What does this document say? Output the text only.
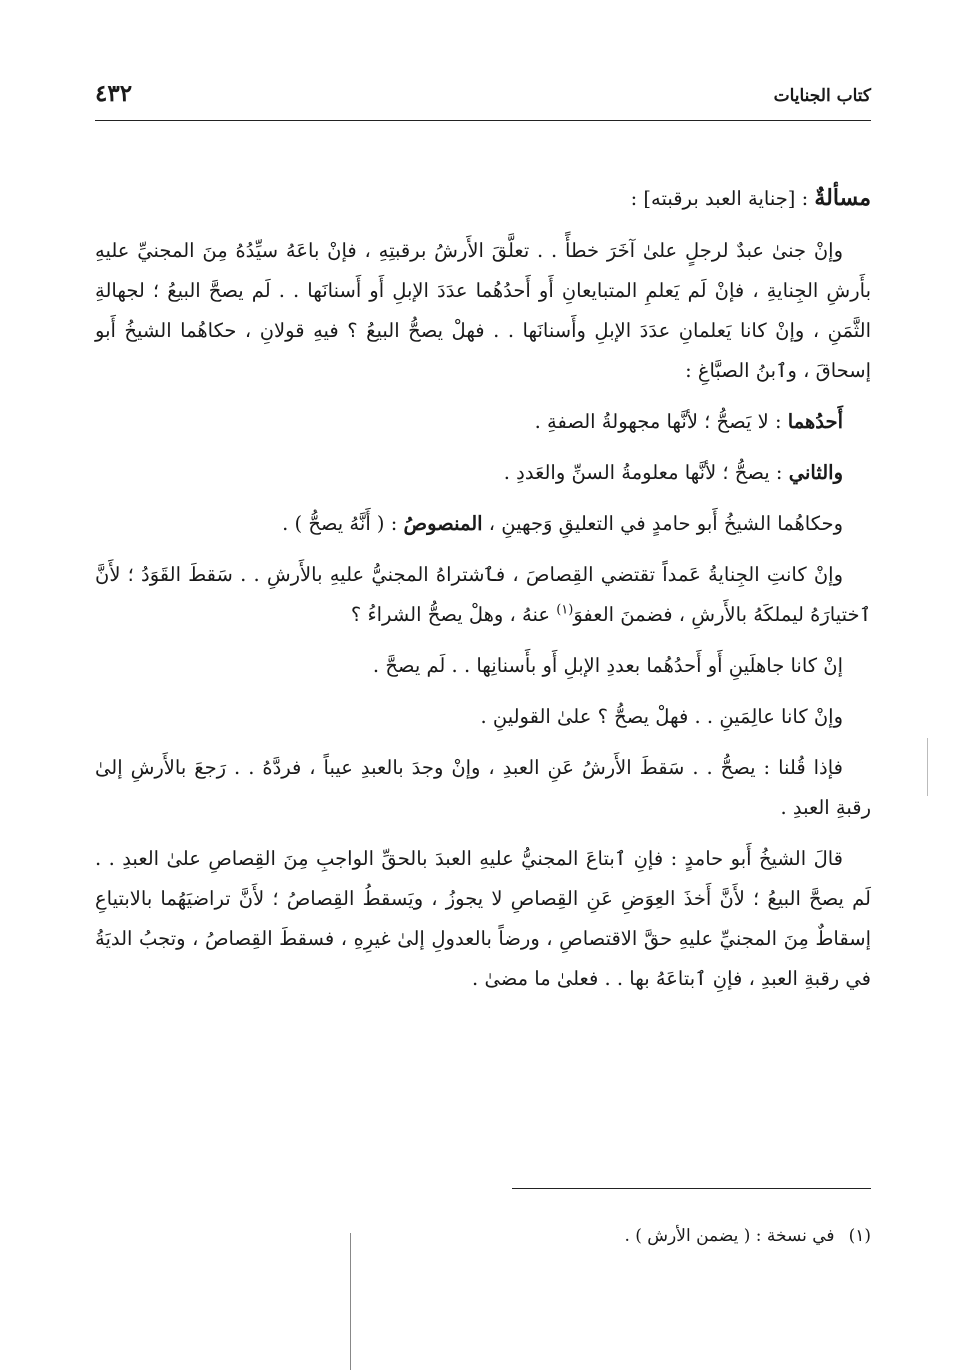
٤٣٢	كتاب الجنايات

مسألةٌ : [جناية العبد برقبته] :

وإنْ جنىٰ عبدٌ لرجلٍ علىٰ آخَرَ خطأً . . تعلَّقَ الأَرشُ برقبتِهِ ، فإنْ باعَهُ سيِّدُهُ مِنَ المجنيِّ عليهِ بأَرشِ الجِنايةِ ، فإنْ لَم يَعلمِ المتبايعانِ أَو أَحدُهُما عدَدَ الإبلِ أَو أَسنانَها . . لَم يصحَّ البيعُ ؛ لجهالةِ الثَّمَنِ ، وإنْ كانا يَعلمانِ عدَدَ الإبلِ وأَسنانَها . . فهلْ يصحُّ البيعُ ؟ فيهِ قولانِ ، حكاهُما الشيخُ أَبو إسحاقَ ، وٱبنُ الصبَّاغِ :

أَحدُهما : لا يَصحُّ ؛ لأنَّها مجهولةُ الصفةِ .

والثاني : يصحُّ ؛ لأنَّها معلومةُ السنِّ والعَددِ .

وحكاهُما الشيخُ أَبو حامدٍ في التعليقِ وَجهينِ ، المنصوصُ : ( أَنَّهُ يصحُّ ) .

وإنْ كانتِ الجِنايةُ عَمداً تقتضي القِصاصَ ، فٱشتراهُ المجنيُّ عليهِ بالأَرشِ . . سَقطَ القَوَدُ ؛ لأَنَّ ٱختيارَهُ ليملكَهُ بالأَرشِ ، فضمنَ العفوَ$^{(١)}$ عنهُ ، وهلْ يصحُّ الشراءُ ؟

إنْ كانا جاهلَينِ أَو أَحدُهُما بعددِ الإبلِ أَو بأَسنانِها . . لَم يصحَّ .

وإنْ كانا عالِمَينِ . . فهلْ يصحُّ ؟ علىٰ القولينِ .

فإذا قُلنا : يصحُّ . . سَقطَ الأَرشُ عَنِ العبدِ ، وإنْ وجدَ بالعبدِ عيباً ، فردَّهُ . . رَجعَ بالأَرشِ إلىٰ رقبةِ العبدِ .

قالَ الشيخُ أَبو حامدٍ : فإنِ ٱبتاعَ المجنيُّ عليهِ العبدَ بالحقِّ الواجبِ مِنَ القِصاصِ علىٰ العبدِ . . لَم يصحَّ البيعُ ؛ لأَنَّ أَخذَ العِوَضِ عَنِ القِصاصِ لا يجوزُ ، ويَسقطُ القِصاصُ ؛ لأَنَّ تراضيَهُما بالابتياعِ إسقاطٌ مِنَ المجنيِّ عليهِ حقَّ الاقتصاصِ ، ورضاً بالعدولِ إلىٰ غيرِهِ ، فسقطَ القِصاصُ ، وتجبُ الديَةُ في رقبةِ العبدِ ، فإنِ ٱبتاعَهُ بها . . فعلىٰ ما مضىٰ .

(١)في نسخة : ( يضمن الأرش ) .
